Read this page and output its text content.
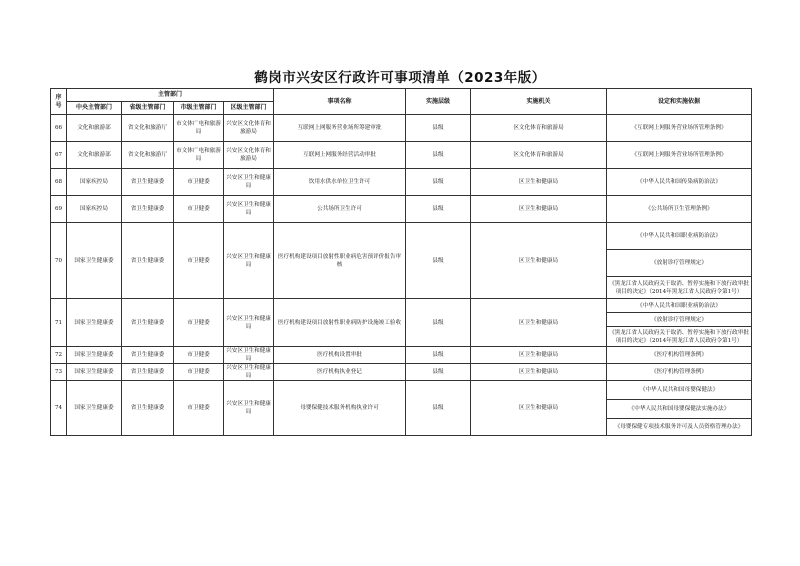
鹤岗市兴安区行政许可事项清单（2023年版）
序号	主管部门				事项名称	实施层级	实施机关	设定和实施依据
	中央主管部门	省级主管部门	市级主管部门	区级主管部门				
66	文化和旅游部	省文化和旅游厅	市文体广电和旅游局	兴安区文化体育和旅游局	互联网上网服务营业场所筹建审批	县级	区文化体育和旅游局	《互联网上网服务营业场所管理条例》
67	文化和旅游部	省文化和旅游厅	市文体广电和旅游局	兴安区文化体育和旅游局	互联网上网服务经营活动审批	县级	区文化体育和旅游局	《互联网上网服务营业场所管理条例》
68	国家疾控局	省卫生健康委	市卫健委	兴安区卫生和健康局	饮用水供水单位卫生许可	县级	区卫生和健康局	《中华人民共和国传染病防治法》
69	国家疾控局	省卫生健康委	市卫健委	兴安区卫生和健康局	公共场所卫生许可	县级	区卫生和健康局	《公共场所卫生管理条例》
70	国家卫生健康委	省卫生健康委	市卫健委	兴安区卫生和健康局	医疗机构建设项目放射性职业病危害预评价报告审核	县级	区卫生和健康局	《中华人民共和国职业病防治法》
								《放射诊疗管理规定》
								《黑龙江省人民政府关于取消、暂停实施和下放行政审批项目的决定》（2014年黑龙江省人民政府令第1号）
71	国家卫生健康委	省卫生健康委	市卫健委	兴安区卫生和健康局	医疗机构建设项目放射性职业病防护设施竣工验收	县级	区卫生和健康局	《中华人民共和国职业病防治法》
								《放射诊疗管理规定》
								《黑龙江省人民政府关于取消、暂停实施和下放行政审批项目的决定》（2014年黑龙江省人民政府令第1号）
72	国家卫生健康委	省卫生健康委	市卫健委	兴安区卫生和健康局	医疗机构设置审批	县级	区卫生和健康局	《医疗机构管理条例》
73	国家卫生健康委	省卫生健康委	市卫健委	兴安区卫生和健康局	医疗机构执业登记	县级	区卫生和健康局	《医疗机构管理条例》
74	国家卫生健康委	省卫生健康委	市卫健委	兴安区卫生和健康局	母婴保健技术服务机构执业许可	县级	区卫生和健康局	《中华人民共和国母婴保健法》
								《中华人民共和国母婴保健法实施办法》
								《母婴保健专项技术服务许可及人员资格管理办法》
